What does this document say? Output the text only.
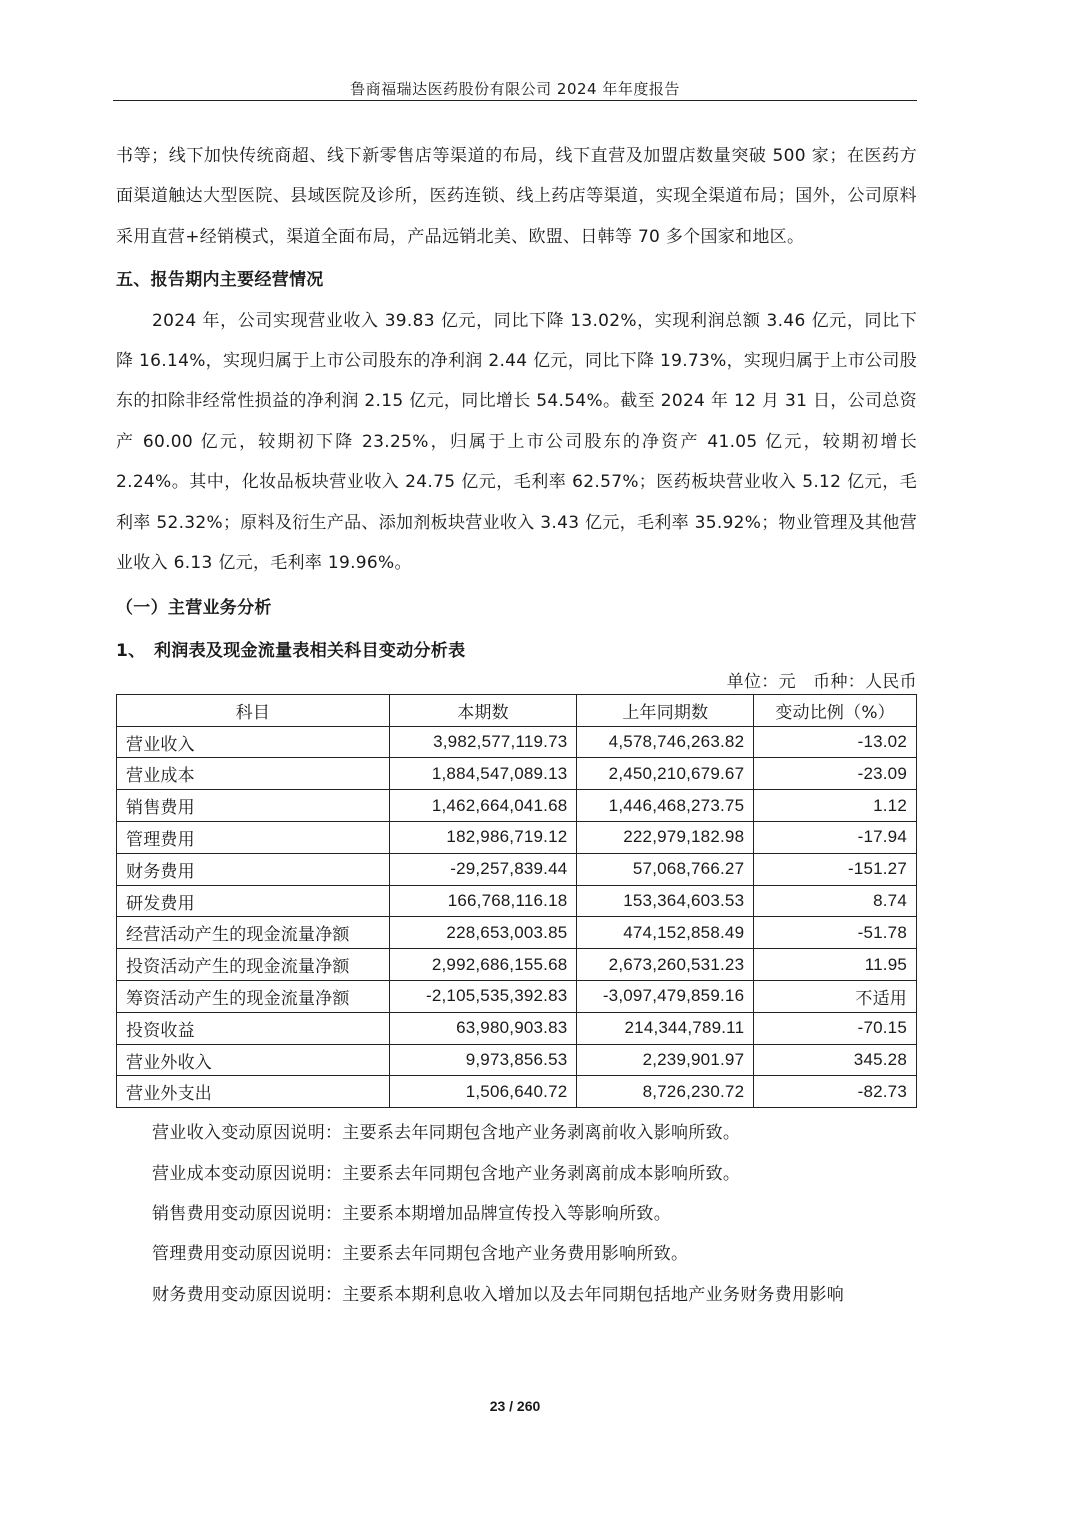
鲁商福瑞达医药股份有限公司 2024 年年度报告

书等；线下加快传统商超、线下新零售店等渠道的布局，线下直营及加盟店数量突破 500 家；在医药方面渠道触达大型医院、县域医院及诊所，医药连锁、线上药店等渠道，实现全渠道布局；国外，公司原料采用直营+经销模式，渠道全面布局，产品远销北美、欧盟、日韩等 70 多个国家和地区。

五、报告期内主要经营情况

2024 年，公司实现营业收入 39.83 亿元，同比下降 13.02%，实现利润总额 3.46 亿元，同比下降 16.14%，实现归属于上市公司股东的净利润 2.44 亿元，同比下降 19.73%，实现归属于上市公司股东的扣除非经常性损益的净利润 2.15 亿元，同比增长 54.54%。截至 2024 年 12 月 31 日，公司总资产 60.00 亿元，较期初下降 23.25%，归属于上市公司股东的净资产 41.05 亿元，较期初增长 2.24%。其中，化妆品板块营业收入 24.75 亿元，毛利率 62.57%；医药板块营业收入 5.12 亿元，毛利率 52.32%；原料及衍生产品、添加剂板块营业收入 3.43 亿元，毛利率 35.92%；物业管理及其他营业收入 6.13 亿元，毛利率 19.96%。

（一）主营业务分析

1、 利润表及现金流量表相关科目变动分析表

单位：元　币种：人民币

科目	本期数	上年同期数	变动比例（%）
营业收入	3,982,577,119.73	4,578,746,263.82	-13.02
营业成本	1,884,547,089.13	2,450,210,679.67	-23.09
销售费用	1,462,664,041.68	1,446,468,273.75	1.12
管理费用	182,986,719.12	222,979,182.98	-17.94
财务费用	-29,257,839.44	57,068,766.27	-151.27
研发费用	166,768,116.18	153,364,603.53	8.74
经营活动产生的现金流量净额	228,653,003.85	474,152,858.49	-51.78
投资活动产生的现金流量净额	2,992,686,155.68	2,673,260,531.23	11.95
筹资活动产生的现金流量净额	-2,105,535,392.83	-3,097,479,859.16	不适用
投资收益	63,980,903.83	214,344,789.11	-70.15
营业外收入	9,973,856.53	2,239,901.97	345.28
营业外支出	1,506,640.72	8,726,230.72	-82.73

营业收入变动原因说明：主要系去年同期包含地产业务剥离前收入影响所致。

营业成本变动原因说明：主要系去年同期包含地产业务剥离前成本影响所致。

销售费用变动原因说明：主要系本期增加品牌宣传投入等影响所致。

管理费用变动原因说明：主要系去年同期包含地产业务费用影响所致。

财务费用变动原因说明：主要系本期利息收入增加以及去年同期包括地产业务财务费用影响

23 / 260
